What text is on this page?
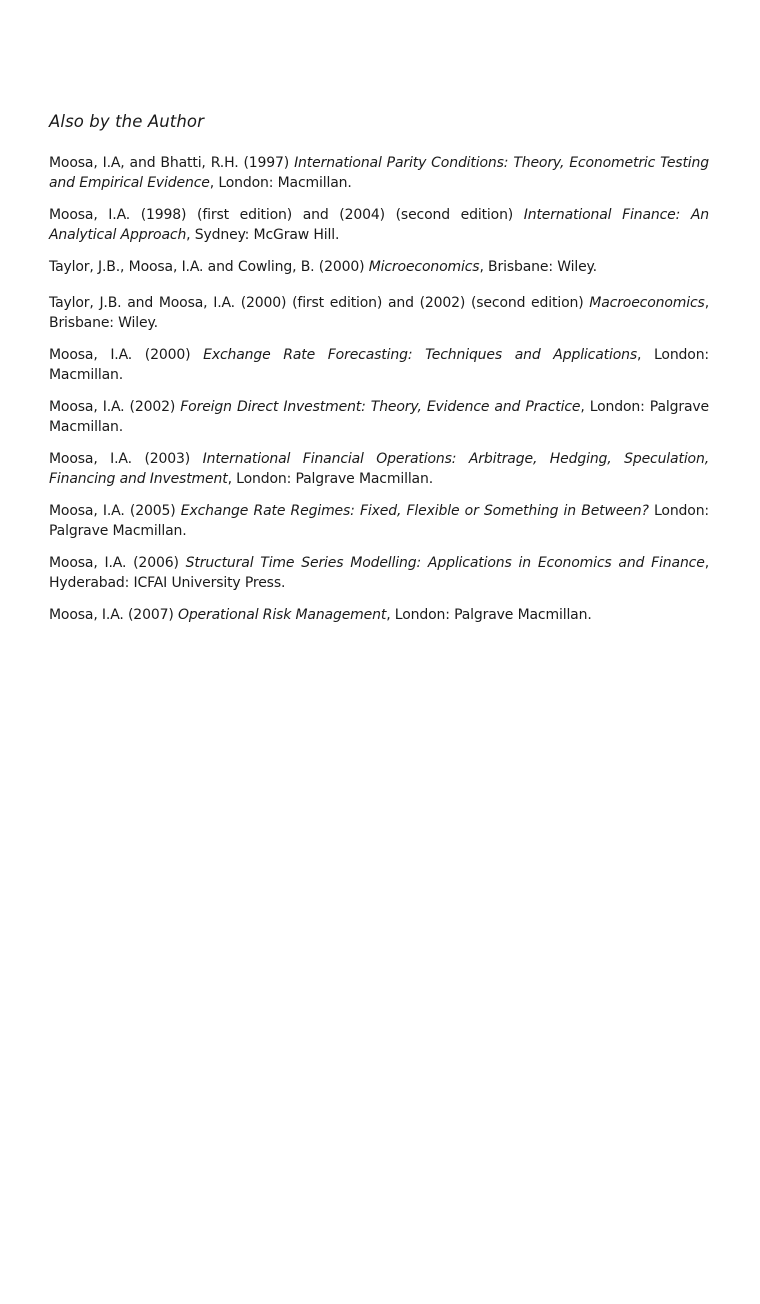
Also by the Author

Moosa, I.A, and Bhatti, R.H. (1997) International Parity Conditions: Theory, Econometric Testing and Empirical Evidence, London: Macmillan.

Moosa, I.A. (1998) (first edition) and (2004) (second edition) International Finance: An Analytical Approach, Sydney: McGraw Hill.

Taylor, J.B., Moosa, I.A. and Cowling, B. (2000) Microeconomics, Brisbane: Wiley.

Taylor, J.B. and Moosa, I.A. (2000) (first edition) and (2002) (second edition) Macroeconomics, Brisbane: Wiley.

Moosa, I.A. (2000) Exchange Rate Forecasting: Techniques and Applications, London: Macmillan.

Moosa, I.A. (2002) Foreign Direct Investment: Theory, Evidence and Practice, London: Palgrave Macmillan.

Moosa, I.A. (2003) International Financial Operations: Arbitrage, Hedging, Speculation, Financing and Investment, London: Palgrave Macmillan.

Moosa, I.A. (2005) Exchange Rate Regimes: Fixed, Flexible or Something in Between? London: Palgrave Macmillan.

Moosa, I.A. (2006) Structural Time Series Modelling: Applications in Economics and Finance, Hyderabad: ICFAI University Press.

Moosa, I.A. (2007) Operational Risk Management, London: Palgrave Macmillan.
